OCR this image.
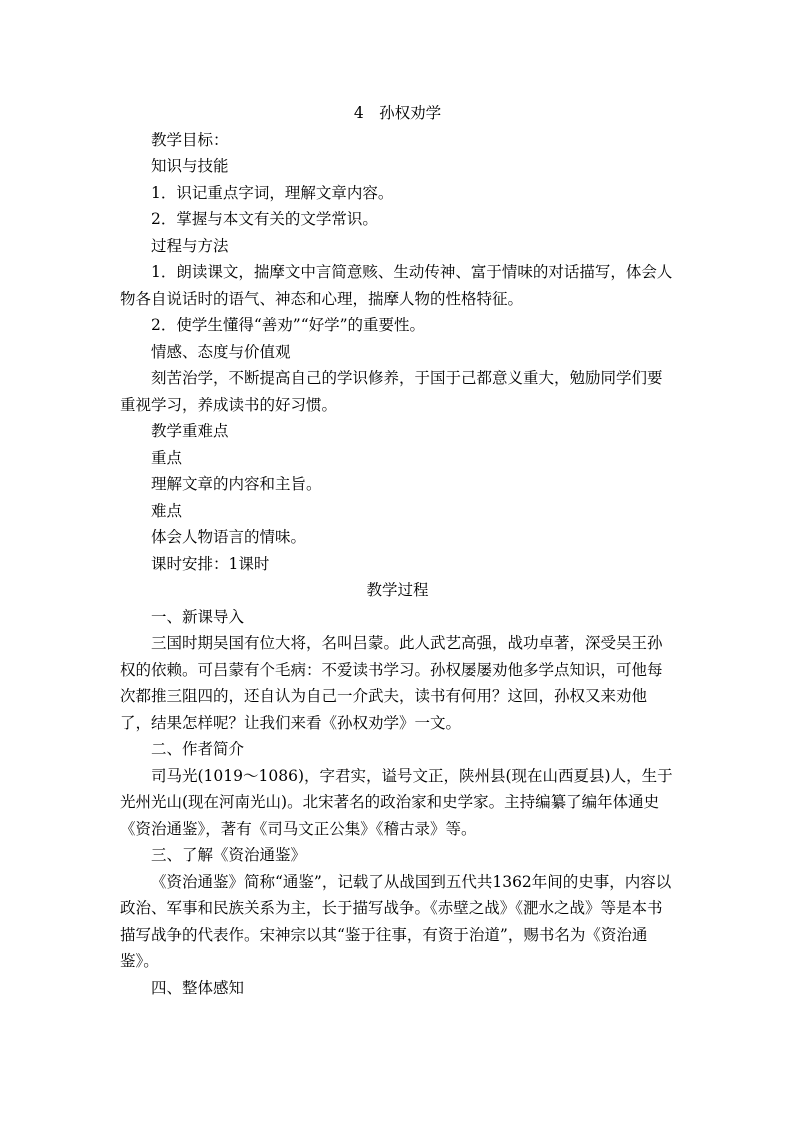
4　孙权劝学

教学目标：

知识与技能

1．识记重点字词，理解文章内容。

2．掌握与本文有关的文学常识。

过程与方法

1．朗读课文，揣摩文中言简意赅、生动传神、富于情味的对话描写，体会人物各自说话时的语气、神态和心理，揣摩人物的性格特征。

2．使学生懂得“善劝”“好学”的重要性。

情感、态度与价值观

刻苦治学，不断提高自己的学识修养，于国于己都意义重大，勉励同学们要重视学习，养成读书的好习惯。

教学重难点

重点

理解文章的内容和主旨。

难点

体会人物语言的情味。

课时安排：1课时

教学过程

一、新课导入

三国时期吴国有位大将，名叫吕蒙。此人武艺高强，战功卓著，深受吴王孙权的依赖。可吕蒙有个毛病：不爱读书学习。孙权屡屡劝他多学点知识，可他每次都推三阻四的，还自认为自己一介武夫，读书有何用？这回，孙权又来劝他了，结果怎样呢？让我们来看《孙权劝学》一文。

二、作者简介

司马光(1019～1086)，字君实，谥号文正，陕州县(现在山西夏县)人，生于光州光山(现在河南光山)。北宋著名的政治家和史学家。主持编纂了编年体通史《资治通鉴》，著有《司马文正公集》《稽古录》等。

三、了解《资治通鉴》

《资治通鉴》简称“通鉴”，记载了从战国到五代共1362年间的史事，内容以政治、军事和民族关系为主，长于描写战争。《赤壁之战》《淝水之战》等是本书描写战争的代表作。宋神宗以其“鉴于往事，有资于治道”，赐书名为《资治通鉴》。

四、整体感知
